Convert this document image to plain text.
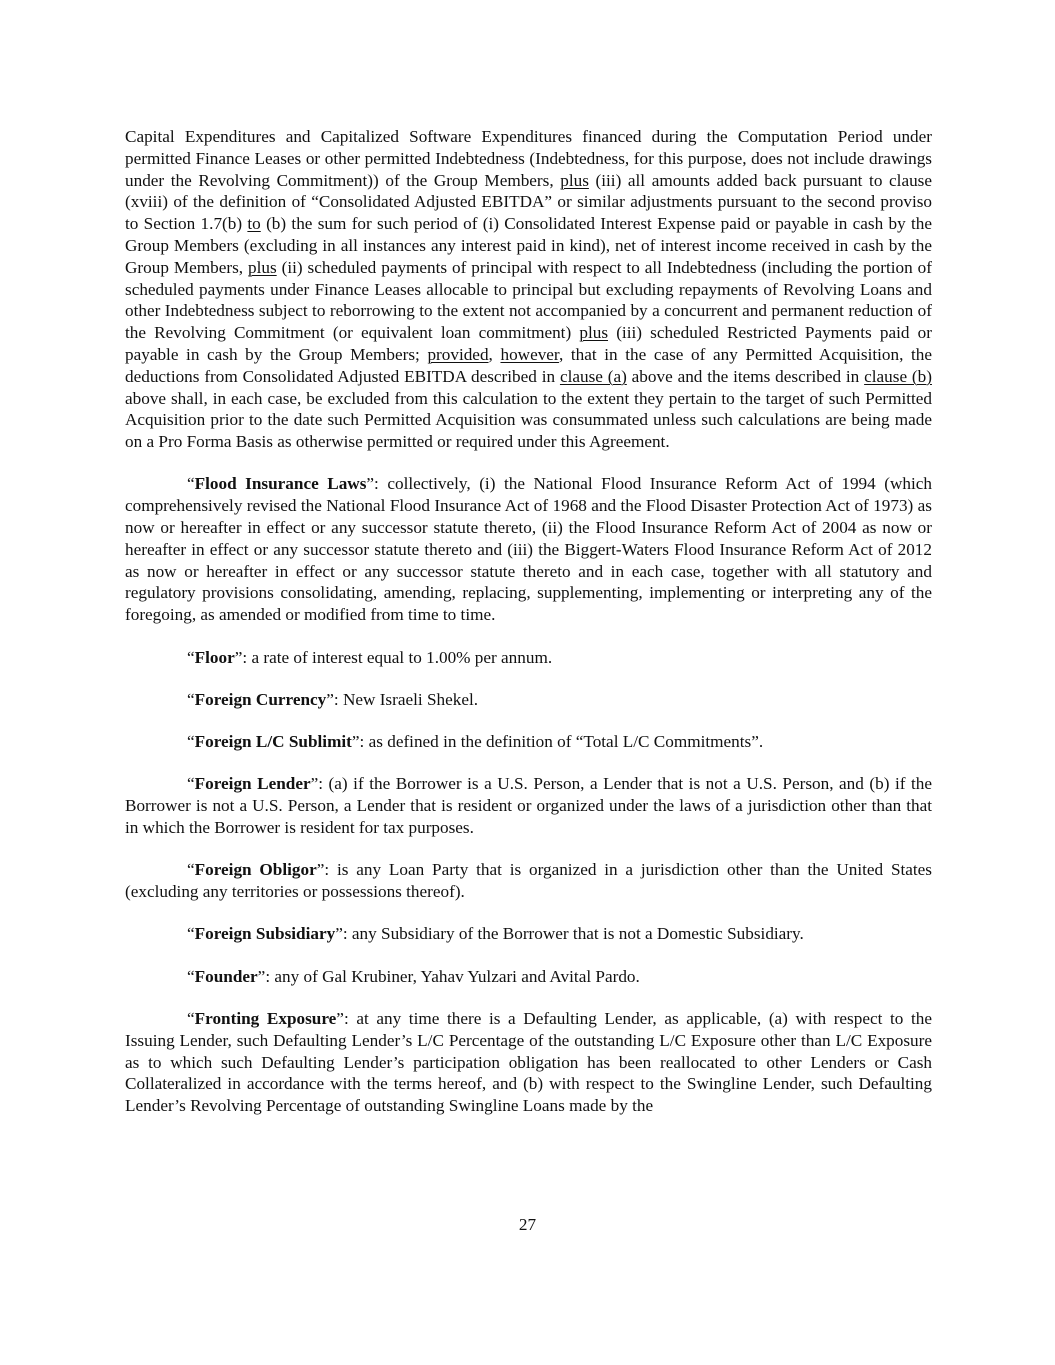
Capital Expenditures and Capitalized Software Expenditures financed during the Computation Period under permitted Finance Leases or other permitted Indebtedness (Indebtedness, for this purpose, does not include drawings under the Revolving Commitment)) of the Group Members, plus (iii) all amounts added back pursuant to clause (xviii) of the definition of “Consolidated Adjusted EBITDA” or similar adjustments pursuant to the second proviso to Section 1.7(b) to (b) the sum for such period of (i) Consolidated Interest Expense paid or payable in cash by the Group Members (excluding in all instances any interest paid in kind), net of interest income received in cash by the Group Members, plus (ii) scheduled payments of principal with respect to all Indebtedness (including the portion of scheduled payments under Finance Leases allocable to principal but excluding repayments of Revolving Loans and other Indebtedness subject to reborrowing to the extent not accompanied by a concurrent and permanent reduction of the Revolving Commitment (or equivalent loan commitment) plus (iii) scheduled Restricted Payments paid or payable in cash by the Group Members; provided, however, that in the case of any Permitted Acquisition, the deductions from Consolidated Adjusted EBITDA described in clause (a) above and the items described in clause (b) above shall, in each case, be excluded from this calculation to the extent they pertain to the target of such Permitted Acquisition prior to the date such Permitted Acquisition was consummated unless such calculations are being made on a Pro Forma Basis as otherwise permitted or required under this Agreement.

“Flood Insurance Laws”: collectively, (i) the National Flood Insurance Reform Act of 1994 (which comprehensively revised the National Flood Insurance Act of 1968 and the Flood Disaster Protection Act of 1973) as now or hereafter in effect or any successor statute thereto, (ii) the Flood Insurance Reform Act of 2004 as now or hereafter in effect or any successor statute thereto and (iii) the Biggert-Waters Flood Insurance Reform Act of 2012 as now or hereafter in effect or any successor statute thereto and in each case, together with all statutory and regulatory provisions consolidating, amending, replacing, supplementing, implementing or interpreting any of the foregoing, as amended or modified from time to time.

“Floor”: a rate of interest equal to 1.00% per annum.

“Foreign Currency”: New Israeli Shekel.

“Foreign L/C Sublimit”: as defined in the definition of “Total L/C Commitments”.

“Foreign Lender”: (a) if the Borrower is a U.S. Person, a Lender that is not a U.S. Person, and (b) if the Borrower is not a U.S. Person, a Lender that is resident or organized under the laws of a jurisdiction other than that in which the Borrower is resident for tax purposes.

“Foreign Obligor”: is any Loan Party that is organized in a jurisdiction other than the United States (excluding any territories or possessions thereof).

“Foreign Subsidiary”: any Subsidiary of the Borrower that is not a Domestic Subsidiary.

“Founder”: any of Gal Krubiner, Yahav Yulzari and Avital Pardo.

“Fronting Exposure”: at any time there is a Defaulting Lender, as applicable, (a) with respect to the Issuing Lender, such Defaulting Lender’s L/C Percentage of the outstanding L/C Exposure other than L/C Exposure as to which such Defaulting Lender’s participation obligation has been reallocated to other Lenders or Cash Collateralized in accordance with the terms hereof, and (b) with respect to the Swingline Lender, such Defaulting Lender’s Revolving Percentage of outstanding Swingline Loans made by the

27
